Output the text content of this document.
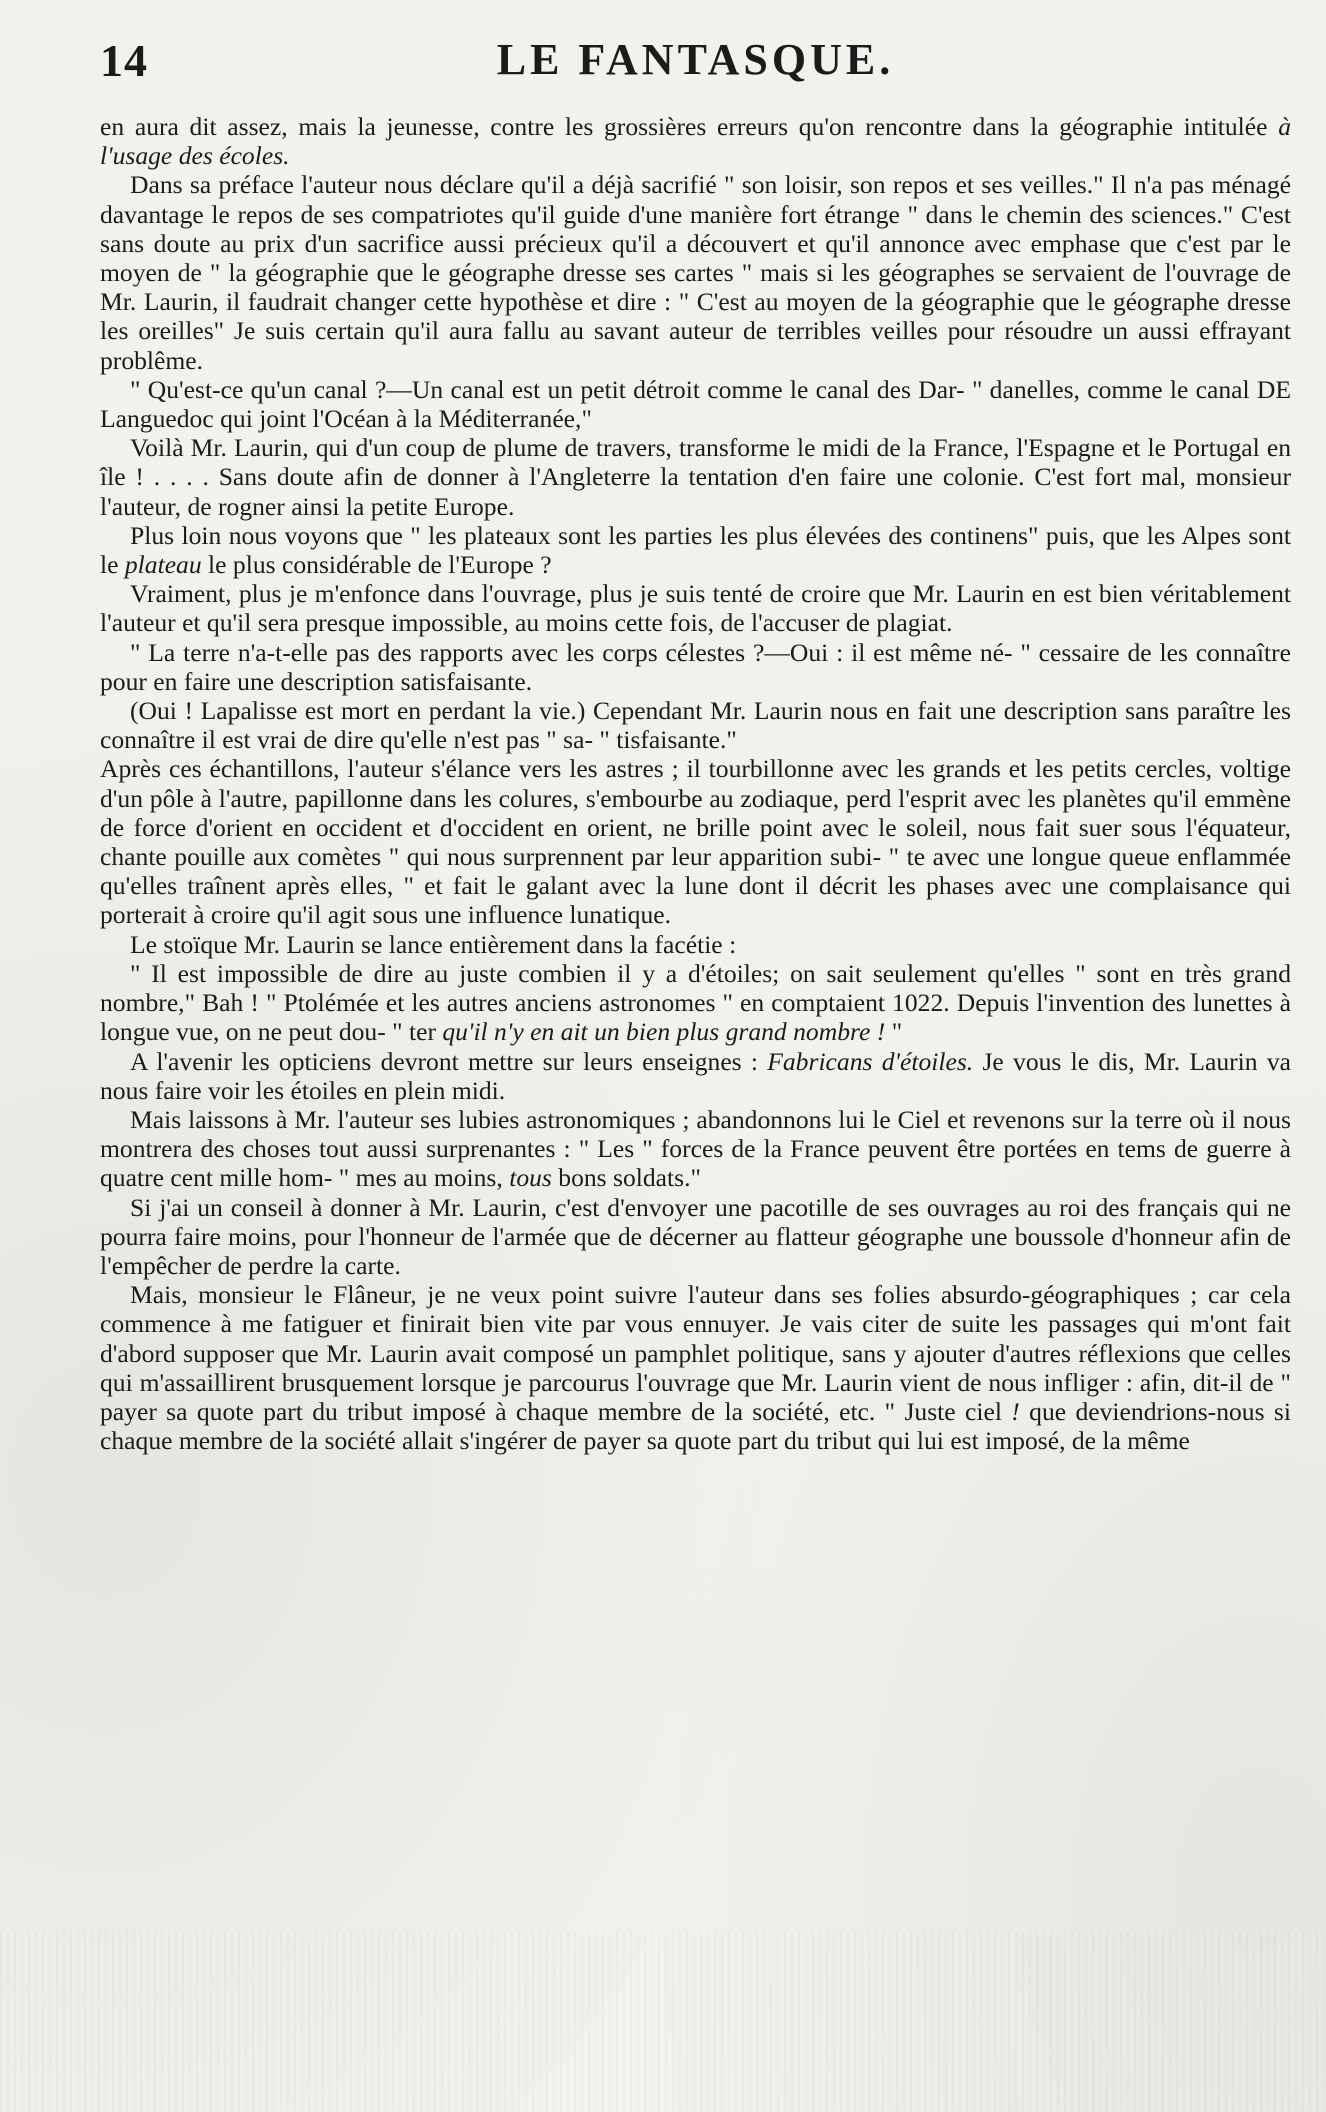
14	LE FANTASQUE.

en aura dit assez, mais la jeunesse, contre les grossières erreurs qu'on rencontre dans la géographie intitulée à l'usage des écoles.

Dans sa préface l'auteur nous déclare qu'il a déjà sacrifié " son loisir, son repos et ses veilles." Il n'a pas ménagé davantage le repos de ses compatriotes qu'il guide d'une manière fort étrange " dans le chemin des sciences." C'est sans doute au prix d'un sacrifice aussi précieux qu'il a découvert et qu'il annonce avec emphase que c'est par le moyen de " la géographie que le géographe dresse ses cartes " mais si les géographes se servaient de l'ouvrage de Mr. Laurin, il faudrait changer cette hypothèse et dire : " C'est au moyen de la géographie que le géographe dresse les oreilles" Je suis certain qu'il aura fallu au savant auteur de terribles veilles pour résoudre un aussi effrayant problême.

" Qu'est-ce qu'un canal ?—Un canal est un petit détroit comme le canal des Dar- " danelles, comme le canal DE Languedoc qui joint l'Océan à la Méditerranée,"

Voilà Mr. Laurin, qui d'un coup de plume de travers, transforme le midi de la France, l'Espagne et le Portugal en île ! . . . . Sans doute afin de donner à l'Angleterre la tentation d'en faire une colonie. C'est fort mal, monsieur l'auteur, de rogner ainsi la petite Europe.

Plus loin nous voyons que " les plateaux sont les parties les plus élevées des continens" puis, que les Alpes sont le plateau le plus considérable de l'Europe ?

Vraiment, plus je m'enfonce dans l'ouvrage, plus je suis tenté de croire que Mr. Laurin en est bien véritablement l'auteur et qu'il sera presque impossible, au moins cette fois, de l'accuser de plagiat.

" La terre n'a-t-elle pas des rapports avec les corps célestes ?—Oui : il est même né- " cessaire de les connaître pour en faire une description satisfaisante.

(Oui ! Lapalisse est mort en perdant la vie.) Cependant Mr. Laurin nous en fait une description sans paraître les connaître il est vrai de dire qu'elle n'est pas " sa- " tisfaisante."

Après ces échantillons, l'auteur s'élance vers les astres ; il tourbillonne avec les grands et les petits cercles, voltige d'un pôle à l'autre, papillonne dans les colures, s'embourbe au zodiaque, perd l'esprit avec les planètes qu'il emmène de force d'orient en occident et d'occident en orient, ne brille point avec le soleil, nous fait suer sous l'équateur, chante pouille aux comètes " qui nous surprennent par leur apparition subi- " te avec une longue queue enflammée qu'elles traînent après elles, " et fait le galant avec la lune dont il décrit les phases avec une complaisance qui porterait à croire qu'il agit sous une influence lunatique.

Le stoïque Mr. Laurin se lance entièrement dans la facétie :

" Il est impossible de dire au juste combien il y a d'étoiles; on sait seulement qu'elles " sont en très grand nombre," Bah ! " Ptolémée et les autres anciens astronomes " en comptaient 1022. Depuis l'invention des lunettes à longue vue, on ne peut dou- " ter qu'il n'y en ait un bien plus grand nombre ! "

A l'avenir les opticiens devront mettre sur leurs enseignes : Fabricans d'étoiles. Je vous le dis, Mr. Laurin va nous faire voir les étoiles en plein midi.

Mais laissons à Mr. l'auteur ses lubies astronomiques ; abandonnons lui le Ciel et revenons sur la terre où il nous montrera des choses tout aussi surprenantes : " Les " forces de la France peuvent être portées en tems de guerre à quatre cent mille hom- " mes au moins, tous bons soldats."

Si j'ai un conseil à donner à Mr. Laurin, c'est d'envoyer une pacotille de ses ouvrages au roi des français qui ne pourra faire moins, pour l'honneur de l'armée que de décerner au flatteur géographe une boussole d'honneur afin de l'empêcher de perdre la carte.

Mais, monsieur le Flâneur, je ne veux point suivre l'auteur dans ses folies absurdo-géographiques ; car cela commence à me fatiguer et finirait bien vite par vous ennuyer. Je vais citer de suite les passages qui m'ont fait d'abord supposer que Mr. Laurin avait composé un pamphlet politique, sans y ajouter d'autres réflexions que celles qui m'assaillirent brusquement lorsque je parcourus l'ouvrage que Mr. Laurin vient de nous infliger : afin, dit-il de " payer sa quote part du tribut imposé à chaque membre de la société, etc. " Juste ciel ! que deviendrions-nous si chaque membre de la société allait s'ingérer de payer sa quote part du tribut qui lui est imposé, de la même
